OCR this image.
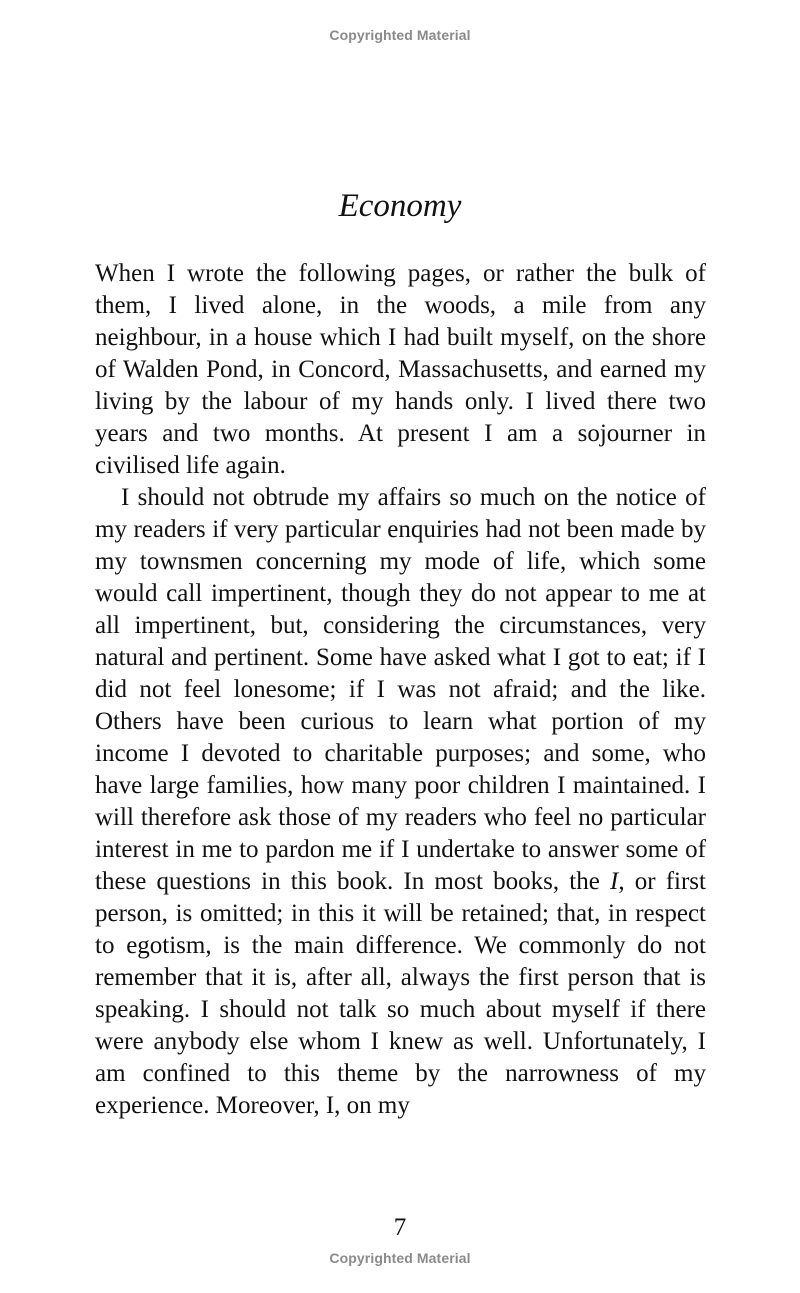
Copyrighted Material
Economy

When I wrote the following pages, or rather the bulk of them, I lived alone, in the woods, a mile from any neighbour, in a house which I had built myself, on the shore of Walden Pond, in Concord, Massachusetts, and earned my living by the labour of my hands only. I lived there two years and two months. At present I am a sojourner in civilised life again.

I should not obtrude my affairs so much on the notice of my readers if very particular enquiries had not been made by my townsmen concerning my mode of life, which some would call impertinent, though they do not appear to me at all impertinent, but, considering the circumstances, very natural and pertinent. Some have asked what I got to eat; if I did not feel lonesome; if I was not afraid; and the like. Others have been curious to learn what portion of my income I devoted to charitable purposes; and some, who have large families, how many poor children I maintained. I will therefore ask those of my readers who feel no particular interest in me to pardon me if I undertake to answer some of these questions in this book. In most books, the I, or first person, is omitted; in this it will be retained; that, in respect to egotism, is the main difference. We commonly do not remember that it is, after all, always the first person that is speaking. I should not talk so much about myself if there were anybody else whom I knew as well. Unfortunately, I am confined to this theme by the narrowness of my experience. Moreover, I, on my

7
Copyrighted Material
